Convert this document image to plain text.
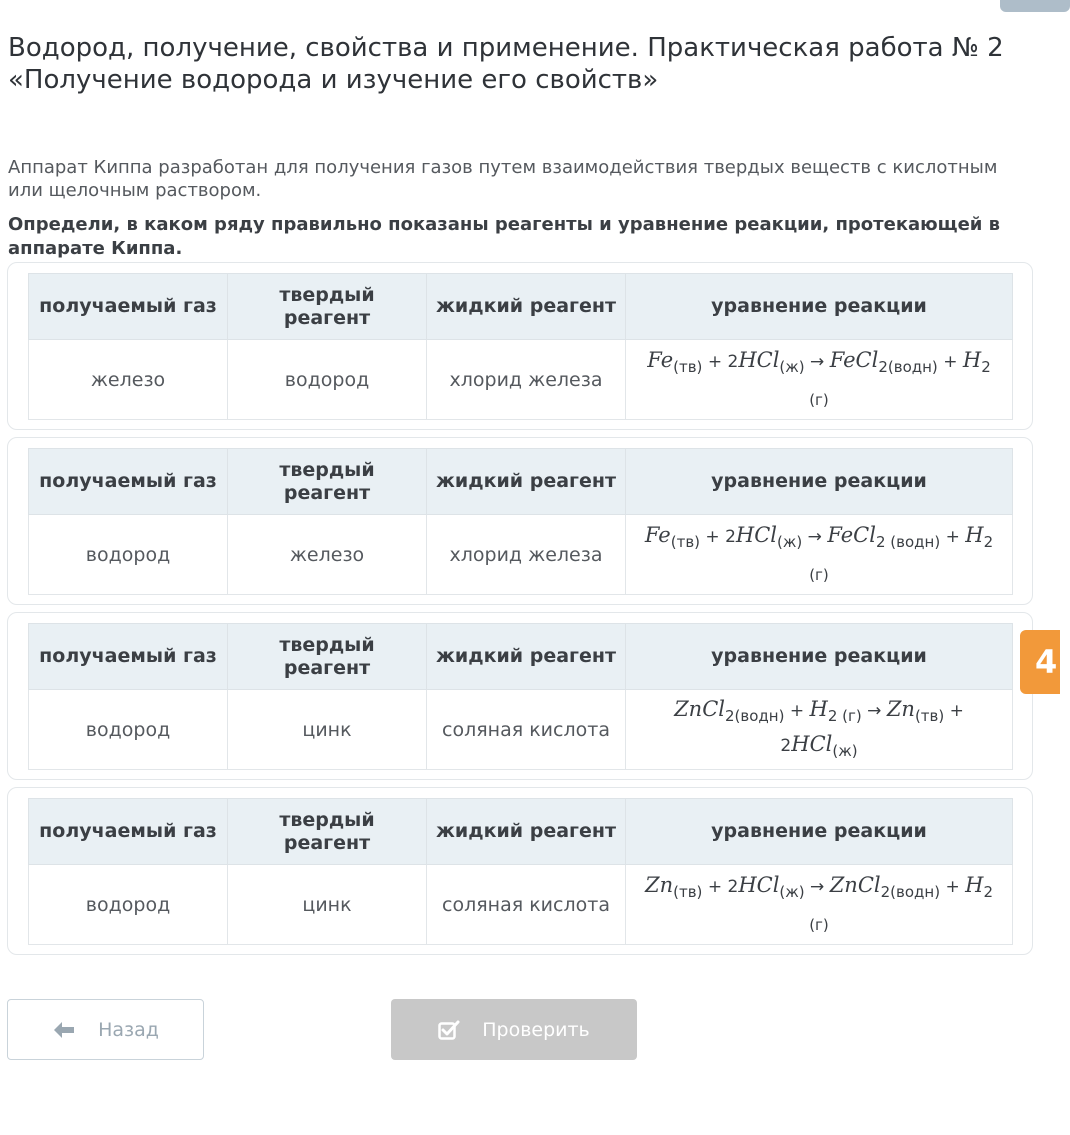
Водород, получение, свойства и применение. Практическая работа № 2 «Получение водорода и изучение его свойств»

Аппарат Киппа разработан для получения газов путем взаимодействия твердых веществ с кислотным или щелочным раствором.

Определи, в каком ряду правильно показаны реагенты и уравнение реакции, протекающей в аппарате Киппа.

получаемый газ	твердый реагент	жидкий реагент	уравнение реакции
железо	водород	хлорид железа	Fe(тв) + 2HCl(ж) → FeCl2(водн) + H2
(г)
получаемый газ	твердый реагент	жидкий реагент	уравнение реакции
водород	железо	хлорид железа	Fe(тв) + 2HCl(ж) → FeCl2 (водн) + H2
(г)
получаемый газ	твердый реагент	жидкий реагент	уравнение реакции
водород	цинк	соляная кислота	ZnCl2(водн) + H2 (г) → Zn(тв) +
2HCl(ж)
получаемый газ	твердый реагент	жидкий реагент	уравнение реакции
водород	цинк	соляная кислота	Zn(тв) + 2HCl(ж) → ZnCl2(водн) + H2
(г)
4
Назад	Проверить
